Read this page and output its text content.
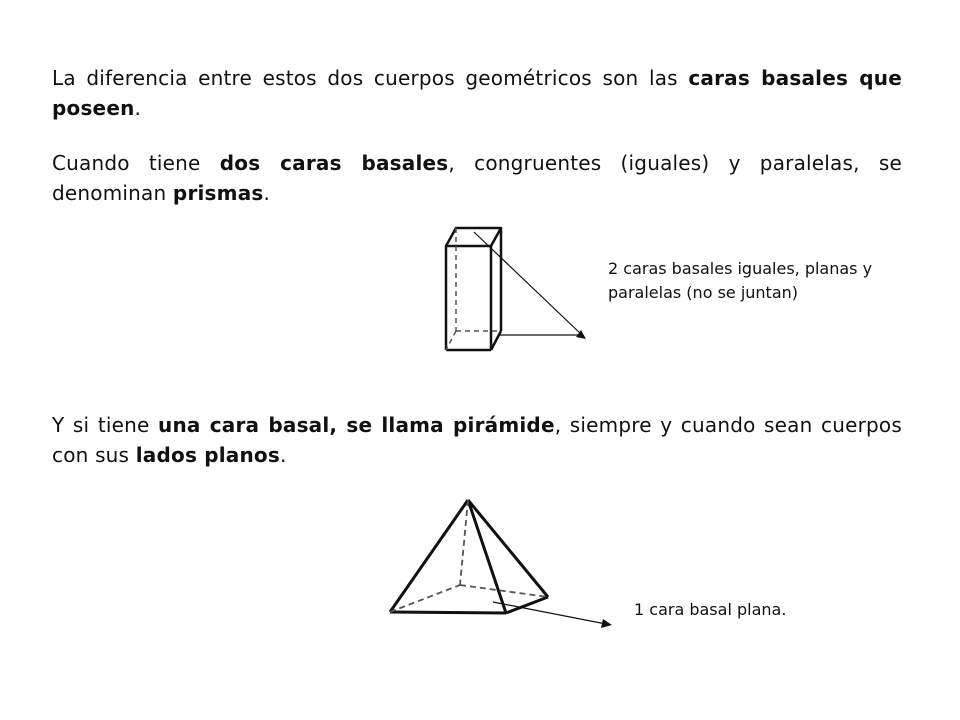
La diferencia entre estos dos cuerpos geométricos son las caras basales que poseen.
Cuando tiene dos caras basales, congruentes (iguales) y paralelas, se denominan prismas.
2 caras basales iguales, planas y paralelas (no se juntan)
Y si tiene una cara basal, se llama pirámide, siempre y cuando sean cuerpos con sus lados planos.
1 cara basal plana.
